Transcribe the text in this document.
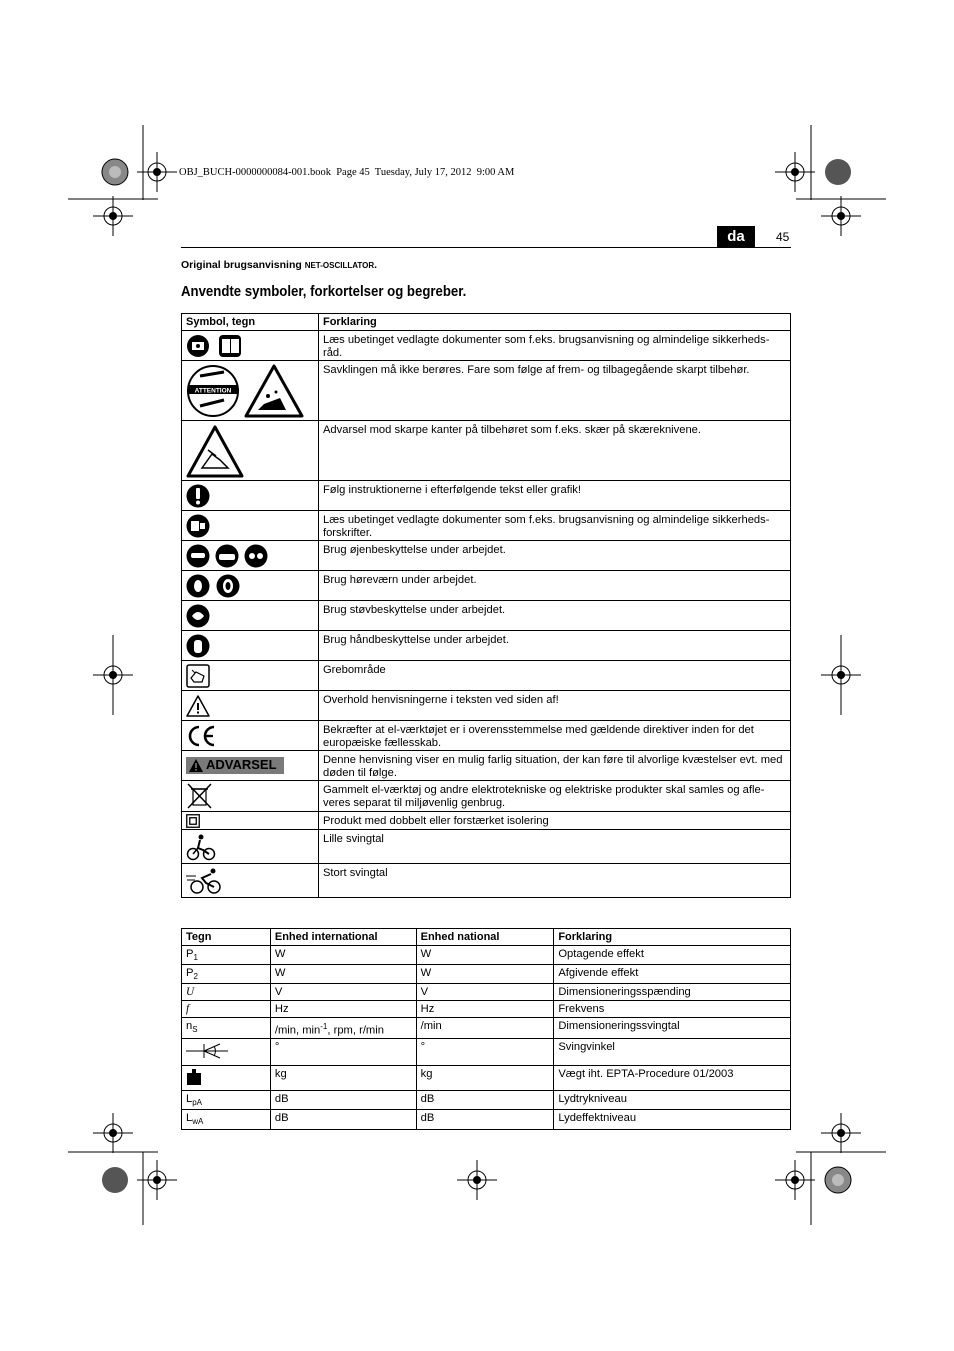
OBJ_BUCH-0000000084-001.book  Page 45  Tuesday, July 17, 2012  9:00 AM
da	45
Original brugsanvisning NET-OSCILLATOR.
Anvendte symboler, forkortelser og begreber.
Symbol, tegn	Forklaring

	Læs ubetinget vedlagte dokumenter som f.eks. brugsanvisning og almindelige sikkerheds-råd.

ATTENTION	Savklingen må ikke berøres. Fare som følge af frem- og tilbagegående skarpt tilbehør.

	Advarsel mod skarpe kanter på tilbehøret som f.eks. skær på skæreknivene.

	Følg instruktionerne i efterfølgende tekst eller grafik!

	Læs ubetinget vedlagte dokumenter som f.eks. brugsanvisning og almindelige sikkerheds-forskrifter.

	Brug øjenbeskyttelse under arbejdet.

	Brug høreværn under arbejdet.

	Brug støvbeskyttelse under arbejdet.

	Brug håndbeskyttelse under arbejdet.

	Grebområde

	Overhold henvisningerne i teksten ved siden af!

	Bekræfter at el-værktøjet er i overensstemmelse med gældende direktiver inden for det europæiske fællesskab.

ADVARSEL	Denne henvisning viser en mulig farlig situation, der kan føre til alvorlige kvæstelser evt. med døden til følge.

	Gammelt el-værktøj og andre elektrotekniske og elektriske produkter skal samles og afle-veres separat til miljøvenlig genbrug.

	Produkt med dobbelt eller forstærket isolering

	Lille svingtal

	Stort svingtal
Tegn	Enhed international	Enhed national	Forklaring
$P_1$	W	W	Optagende effekt
$P_2$	W	W	Afgivende effekt
U	V	V	Dimensioneringsspænding
f	Hz	Hz	Frekvens
$n_S$	/min, $\min^{-1}$, rpm, r/min	/min	Dimensioneringssvingtal
	°	°	Svingvinkel
	kg	kg	Vægt iht. EPTA-Procedure 01/2003
$L_{pA}$	dB	dB	Lydtrykniveau
$L_{wA}$	dB	dB	Lydeffektniveau
